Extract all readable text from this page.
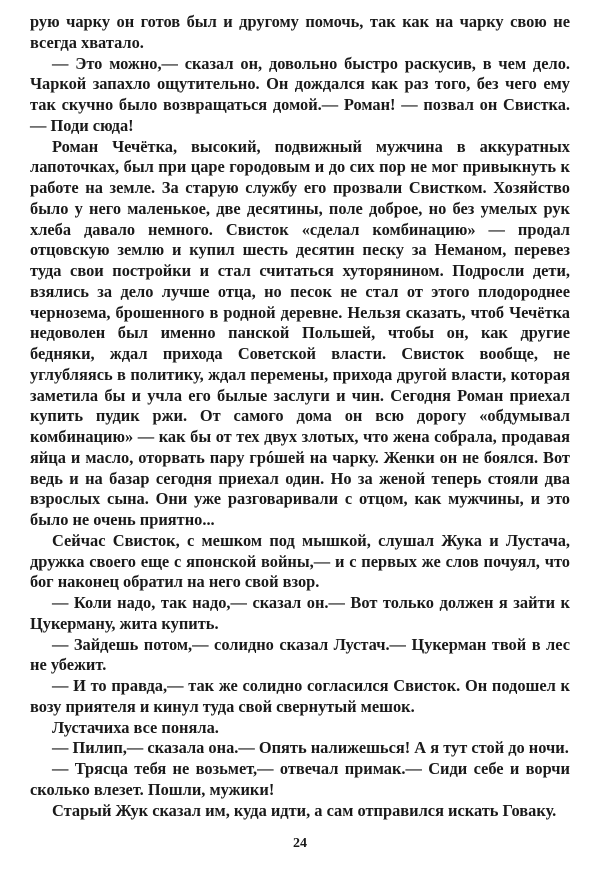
рую чарку он готов был и другому помочь, так как на чарку свою не всегда хватало.

— Это можно,— сказал он, довольно быстро раскусив, в чем дело. Чаркой запахло ощутительно. Он дождался как раз того, без чего ему так скучно было возвращаться домой.— Роман! — позвал он Свистка.— Поди сюда!

Роман Чечётка, высокий, подвижный мужчина в аккуратных лапоточках, был при царе городовым и до сих пор не мог привыкнуть к работе на земле. За старую службу его прозвали Свистком. Хозяйство было у него маленькое, две десятины, поле доброе, но без умелых рук хлеба давало немного. Свисток «сделал комбинацию» — продал отцовскую землю и купил шесть десятин песку за Неманом, перевез туда свои постройки и стал считаться хуторянином. Подросли дети, взялись за дело лучше отца, но песок не стал от этого плодороднее чернозема, брошенного в родной деревне. Нельзя сказать, чтоб Чечётка недоволен был именно панской Польшей, чтобы он, как другие бедняки, ждал прихода Советской власти. Свисток вообще, не углубляясь в политику, ждал перемены, прихода другой власти, которая заметила бы и учла его былые заслуги и чин. Сегодня Роман приехал купить пудик ржи. От самого дома он всю дорогу «обдумывал комбинацию» — как бы от тех двух злотых, что жена собрала, продавая яйца и масло, оторвать пару грóшей на чарку. Женки он не боялся. Вот ведь и на базар сегодня приехал один. Но за женой теперь стояли два взрослых сына. Они уже разговаривали с отцом, как мужчины, и это было не очень приятно...

Сейчас Свисток, с мешком под мышкой, слушал Жука и Лустача, дружка своего еще с японской войны,— и с первых же слов почуял, что бог наконец обратил на него свой взор.

— Коли надо, так надо,— сказал он.— Вот только должен я зайти к Цукерману, жита купить.

— Зайдешь потом,— солидно сказал Лустач.— Цукерман твой в лес не убежит.

— И то правда,— так же солидно согласился Свисток. Он подошел к возу приятеля и кинул туда свой свернутый мешок.

Лустачиха все поняла.

— Пилип,— сказала она.— Опять налижешься! А я тут стой до ночи.

— Трясца тебя не возьмет,— отвечал примак.— Сиди себе и ворчи сколько влезет. Пошли, мужики!

Старый Жук сказал им, куда идти, а сам отправился искать Говаку.

24
